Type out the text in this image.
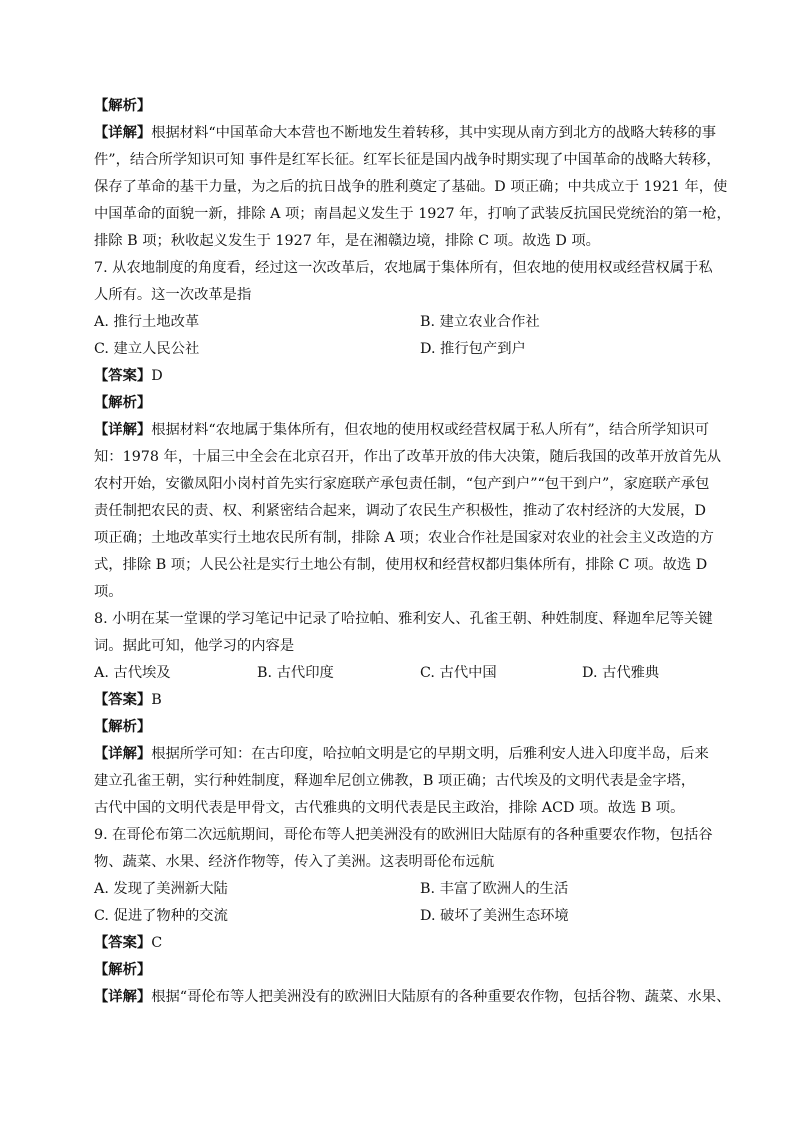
【解析】
【详解】根据材料“中国革命大本营也不断地发生着转移，其中实现从南方到北方的战略大转移的事
件”，结合所学知识可知 事件是红军长征。红军长征是国内战争时期实现了中国革命的战略大转移，
保存了革命的基干力量，为之后的抗日战争的胜利奠定了基础。D 项正确；中共成立于 1921 年，使
中国革命的面貌一新，排除 A 项；南昌起义发生于 1927 年，打响了武装反抗国民党统治的第一枪，
排除 B 项；秋收起义发生于 1927 年，是在湘赣边境，排除 C 项。故选 D 项。
7. 从农地制度的角度看，经过这一次改革后，农地属于集体所有，但农地的使用权或经营权属于私
人所有。这一次改革是指
A. 推行土地改革	B. 建立农业合作社
C. 建立人民公社	D. 推行包产到户
【答案】D
【解析】
【详解】根据材料“农地属于集体所有，但农地的使用权或经营权属于私人所有”，结合所学知识可
知：1978 年，十届三中全会在北京召开，作出了改革开放的伟大决策，随后我国的改革开放首先从
农村开始，安徽凤阳小岗村首先实行家庭联产承包责任制，“包产到户”“包干到户”，家庭联产承包
责任制把农民的责、权、利紧密结合起来，调动了农民生产积极性，推动了农村经济的大发展，D
项正确；土地改革实行土地农民所有制，排除 A 项；农业合作社是国家对农业的社会主义改造的方
式，排除 B 项；人民公社是实行土地公有制，使用权和经营权都归集体所有，排除 C 项。故选 D
项。
8. 小明在某一堂课的学习笔记中记录了哈拉帕、雅利安人、孔雀王朝、种姓制度、释迦牟尼等关键
词。据此可知，他学习的内容是
A. 古代埃及	B. 古代印度	C. 古代中国	D. 古代雅典
【答案】B
【解析】
【详解】根据所学可知：在古印度，哈拉帕文明是它的早期文明，后雅利安人进入印度半岛，后来
建立孔雀王朝，实行种姓制度，释迦牟尼创立佛教，B 项正确；古代埃及的文明代表是金字塔，
古代中国的文明代表是甲骨文，古代雅典的文明代表是民主政治，排除 ACD 项。故选 B 项。
9. 在哥伦布第二次远航期间，哥伦布等人把美洲没有的欧洲旧大陆原有的各种重要农作物，包括谷
物、蔬菜、水果、经济作物等，传入了美洲。这表明哥伦布远航
A. 发现了美洲新大陆	B. 丰富了欧洲人的生活
C. 促进了物种的交流	D. 破坏了美洲生态环境
【答案】C
【解析】
【详解】根据“哥伦布等人把美洲没有的欧洲旧大陆原有的各种重要农作物，包括谷物、蔬菜、水果、
